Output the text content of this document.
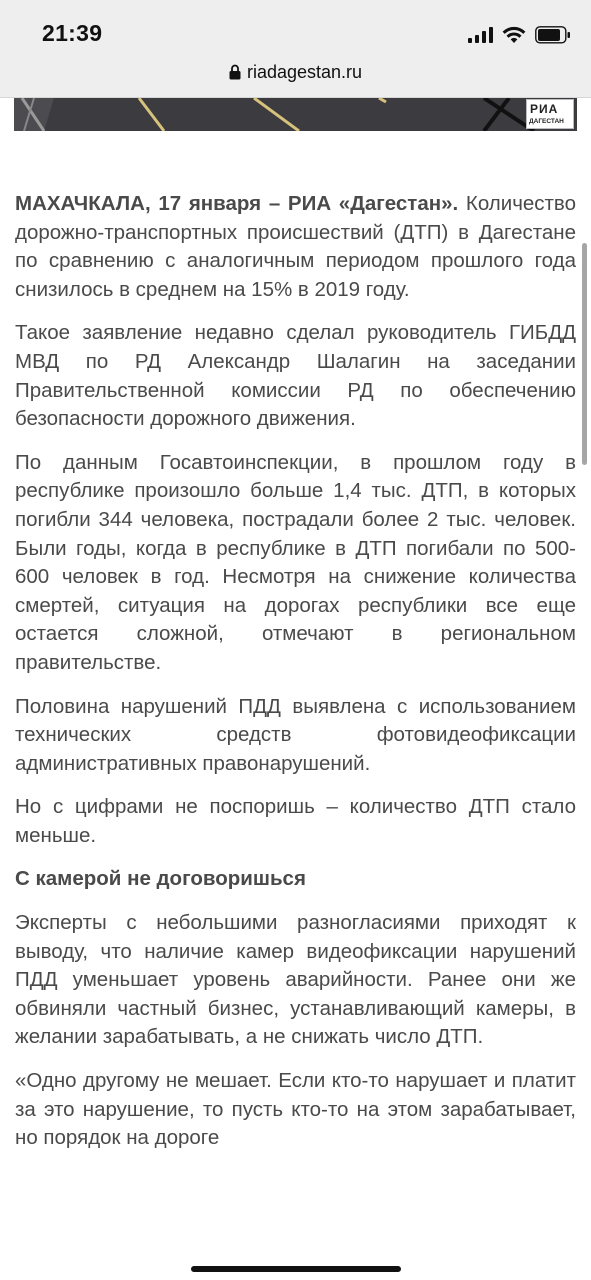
21:39
riadagestan.ru
РИА
ДАГЕСТАН

МАХАЧКАЛА, 17 января – РИА «Дагестан». Количество дорожно-транспортных происшествий (ДТП) в Дагестане по сравнению с аналогичным периодом прошлого года снизилось в среднем на 15% в 2019 году.

Такое заявление недавно сделал руководитель ГИБДД МВД по РД Александр Шалагин на заседании Правительственной комиссии РД по обеспечению безопасности дорожного движения.

По данным Госавтоинспекции, в прошлом году в республике произошло больше 1,4 тыс. ДТП, в которых погибли 344 человека, пострадали более 2 тыс. человек. Были годы, когда в республике в ДТП погибали по 500-600 человек в год. Несмотря на снижение количества смертей, ситуация на дорогах республики все еще остается сложной, отмечают в региональном правительстве.

Половина нарушений ПДД выявлена с использованием технических средств фотовидеофиксации административных правонарушений.

Но с цифрами не поспоришь – количество ДТП стало меньше.

С камерой не договоришься

Эксперты с небольшими разногласиями приходят к выводу, что наличие камер видеофиксации нарушений ПДД уменьшает уровень аварийности. Ранее они же обвиняли частный бизнес, устанавливающий камеры, в желании зарабатывать, а не снижать число ДТП.

«Одно другому не мешает. Если кто-то нарушает и платит за это нарушение, то пусть кто-то на этом зарабатывает, но порядок на дороге
